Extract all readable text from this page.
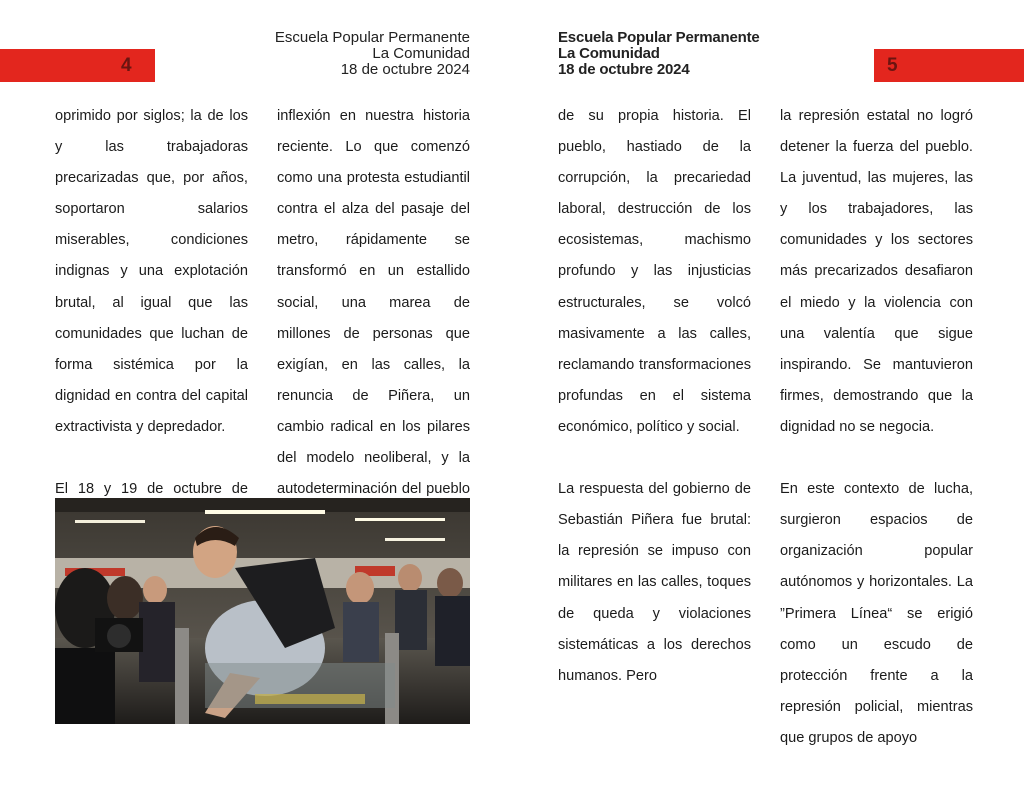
4	5
Escuela Popular Permanente
La Comunidad
18 de octubre 2024
Escuela Popular Permanente
La Comunidad
18 de octubre 2024

oprimido por siglos; la de los y las trabajadoras precarizadas que, por años, soportaron salarios miserables, condiciones indignas y una explotación brutal, al igual que las comunidades que luchan de forma sistémica por la dignidad en contra del capital extractivista y depredador.

El 18 y 19 de octubre de

inflexión en nuestra historia reciente. Lo que comenzó como una protesta estudiantil contra el alza del pasaje del metro, rápidamente se transformó en un estallido social, una marea de millones de personas que exigían, en las calles, la renuncia de Piñera, un cambio radical en los pilares del modelo neoliberal, y la autodeterminación del pueblo

de su propia historia. El pueblo, hastiado de la corrupción, la precariedad laboral, destrucción de los ecosistemas, machismo profundo y las injusticias estructurales, se volcó masivamente a las calles, reclamando transformaciones profundas en el sistema económico, político y social.

La respuesta del gobierno de Sebastián Piñera fue brutal: la represión se impuso con militares en las calles, toques de queda y violaciones sistemáticas a los derechos humanos. Pero

la represión estatal no logró detener la fuerza del pueblo. La juventud, las mujeres, las y los trabajadores, las comunidades y los sectores más precarizados desafiaron el miedo y la violencia con una valentía que sigue inspirando. Se mantuvieron firmes, demostrando que la dignidad no se negocia.

En este contexto de lucha, surgieron espacios de organización popular autónomos y horizontales. La ”Primera Línea“ se erigió como un escudo de protección frente a la represión policial, mientras que grupos de apoyo
